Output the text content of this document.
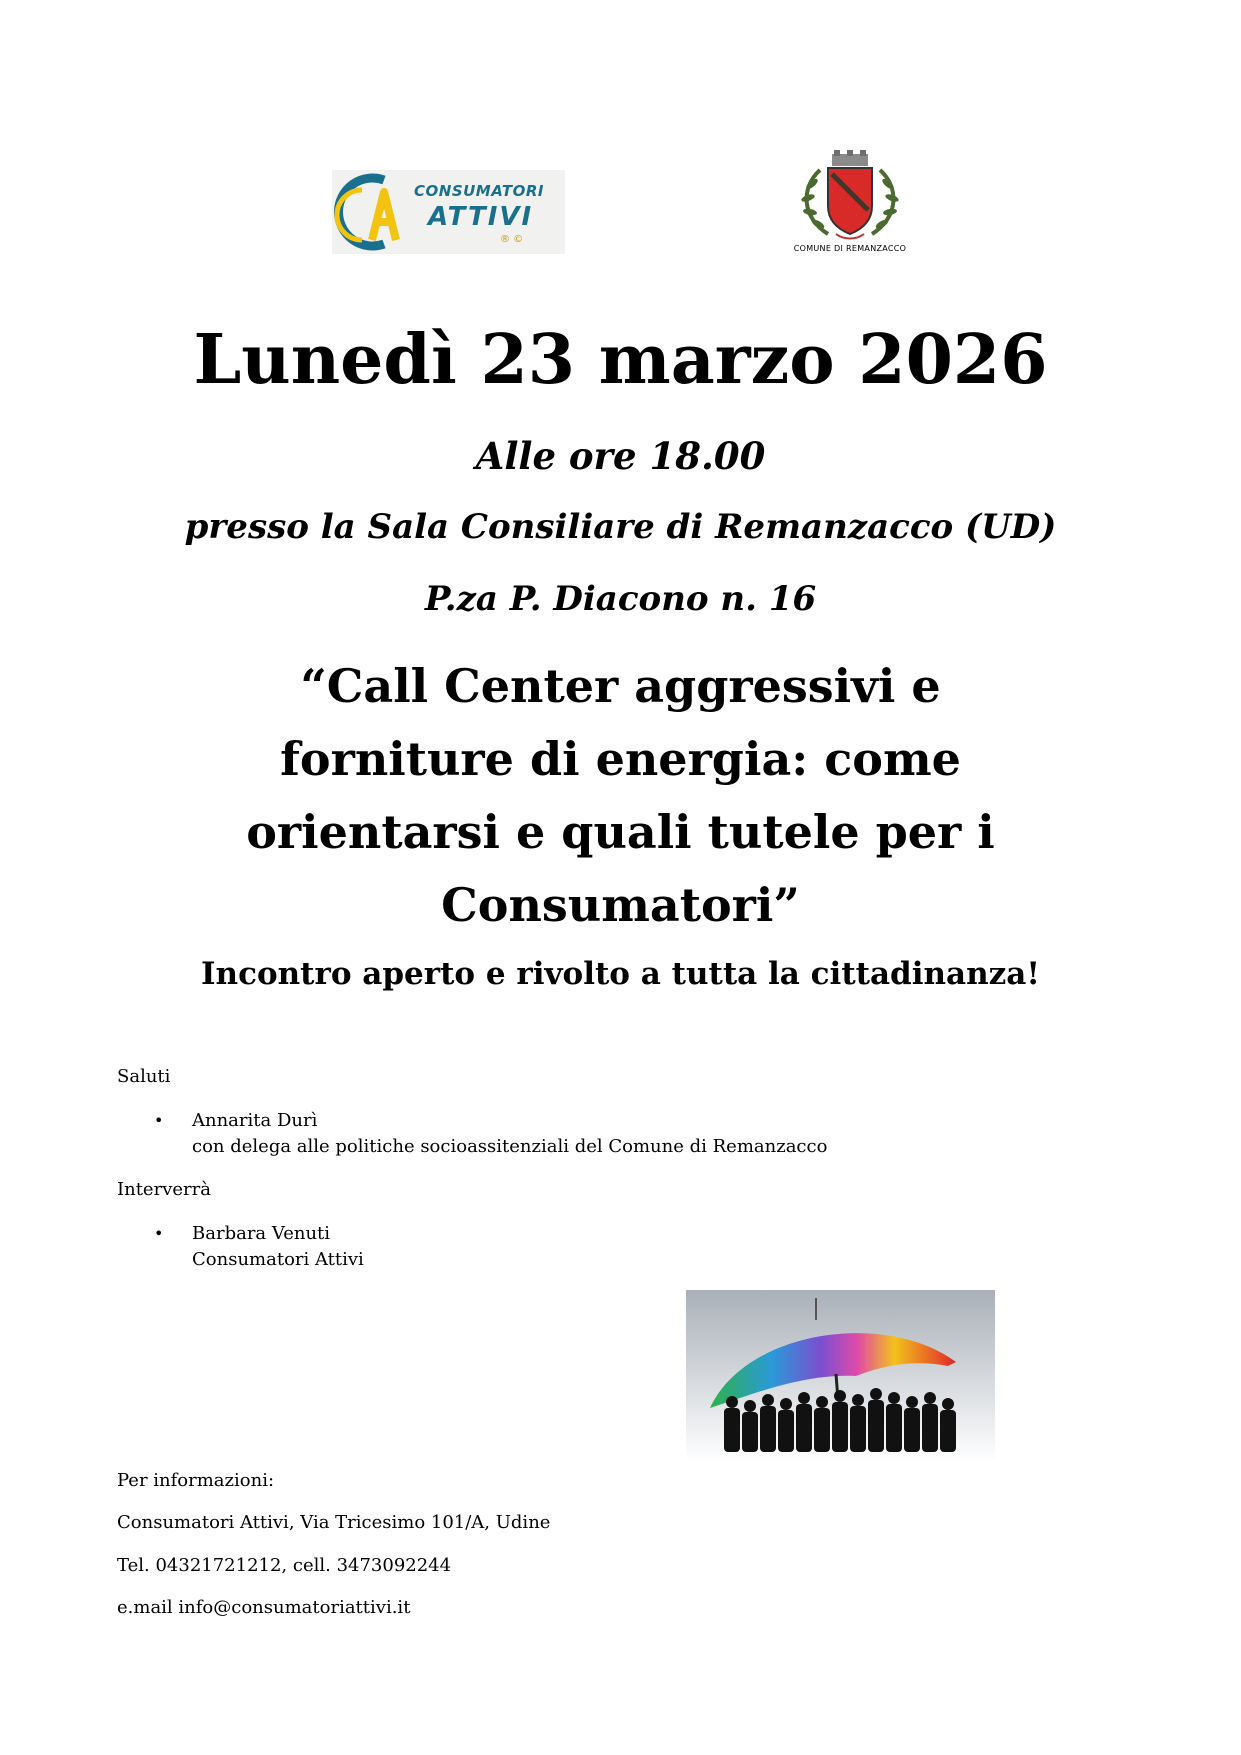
CONSUMATORI
ATTIVI
® ©
COMUNE DI REMANZACCO
Lunedì 23 marzo 2026
Alle ore 18.00
presso la Sala Consiliare di Remanzacco (UD)
P.za P. Diacono n. 16
“Call Center aggressivi e
forniture di energia: come
orientarsi e quali tutele per i
Consumatori”
Incontro aperto e rivolto a tutta la cittadinanza!
Saluti
• Annarita Durì
con delega alle politiche socioassitenziali del Comune di Remanzacco
Interverrà
• Barbara Venuti
Consumatori Attivi
Per informazioni:
Consumatori Attivi, Via Tricesimo 101/A, Udine
Tel. 04321721212, cell. 3473092244
e.mail info@consumatoriattivi.it
